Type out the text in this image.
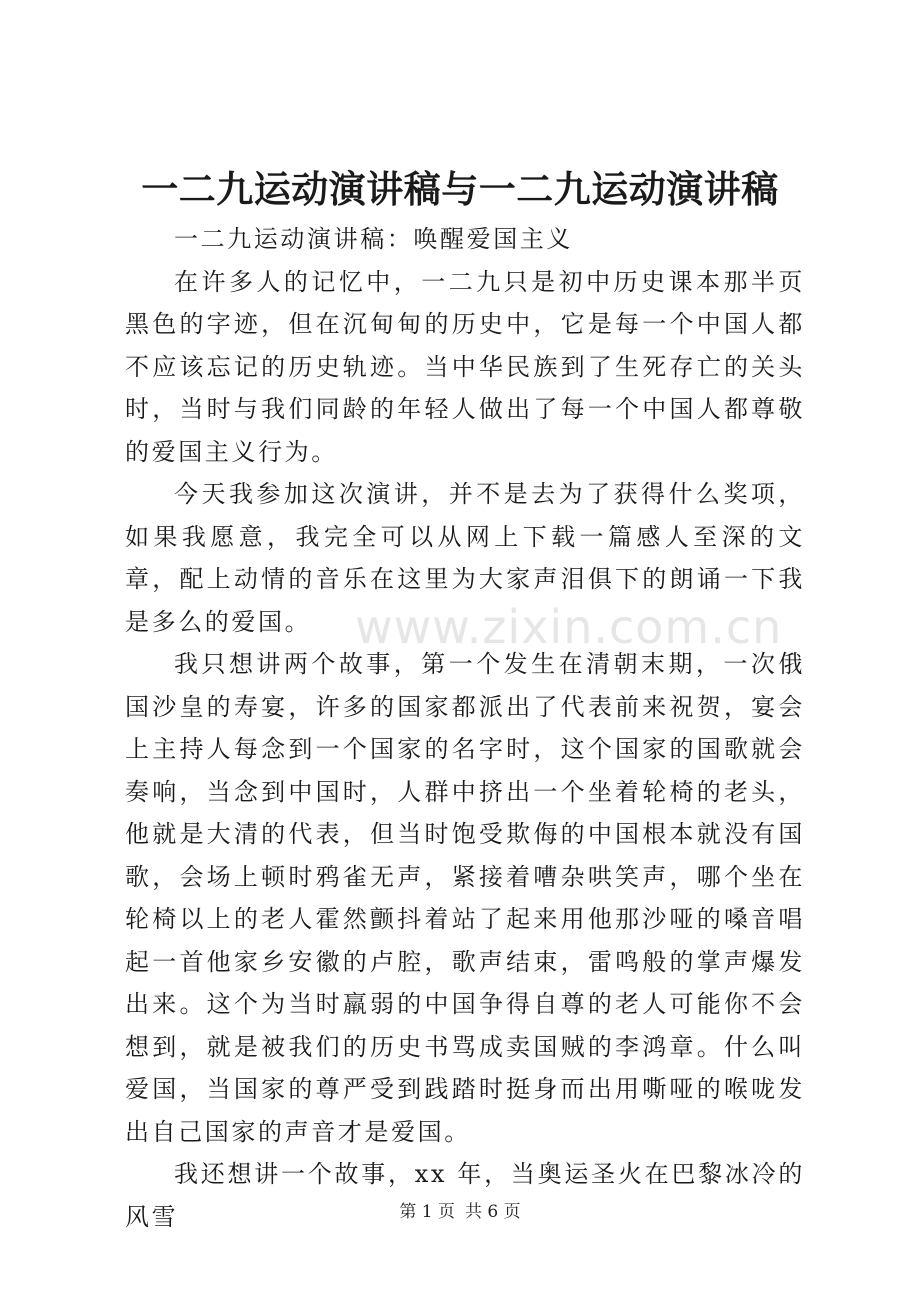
一二九运动演讲稿与一二九运动演讲稿

一二九运动演讲稿：唤醒爱国主义

在许多人的记忆中，一二九只是初中历史课本那半页黑色的字迹，但在沉甸甸的历史中，它是每一个中国人都不应该忘记的历史轨迹。当中华民族到了生死存亡的关头时，当时与我们同龄的年轻人做出了每一个中国人都尊敬的爱国主义行为。

今天我参加这次演讲，并不是去为了获得什么奖项，如果我愿意，我完全可以从网上下载一篇感人至深的文章，配上动情的音乐在这里为大家声泪俱下的朗诵一下我是多么的爱国。

我只想讲两个故事，第一个发生在清朝末期，一次俄国沙皇的寿宴，许多的国家都派出了代表前来祝贺，宴会上主持人每念到一个国家的名字时，这个国家的国歌就会奏响，当念到中国时，人群中挤出一个坐着轮椅的老头，他就是大清的代表，但当时饱受欺侮的中国根本就没有国歌，会场上顿时鸦雀无声，紧接着嘈杂哄笑声，哪个坐在轮椅以上的老人霍然颤抖着站了起来用他那沙哑的嗓音唱起一首他家乡安徽的卢腔，歌声结束，雷鸣般的掌声爆发出来。这个为当时羸弱的中国争得自尊的老人可能你不会想到，就是被我们的历史书骂成卖国贼的李鸿章。什么叫爱国，当国家的尊严受到践踏时挺身而出用嘶哑的喉咙发出自己国家的声音才是爱国。

我还想讲一个故事，xx 年，当奥运圣火在巴黎冰冷的风雪

www.zixin.com.cn
第 1 页 共 6 页
